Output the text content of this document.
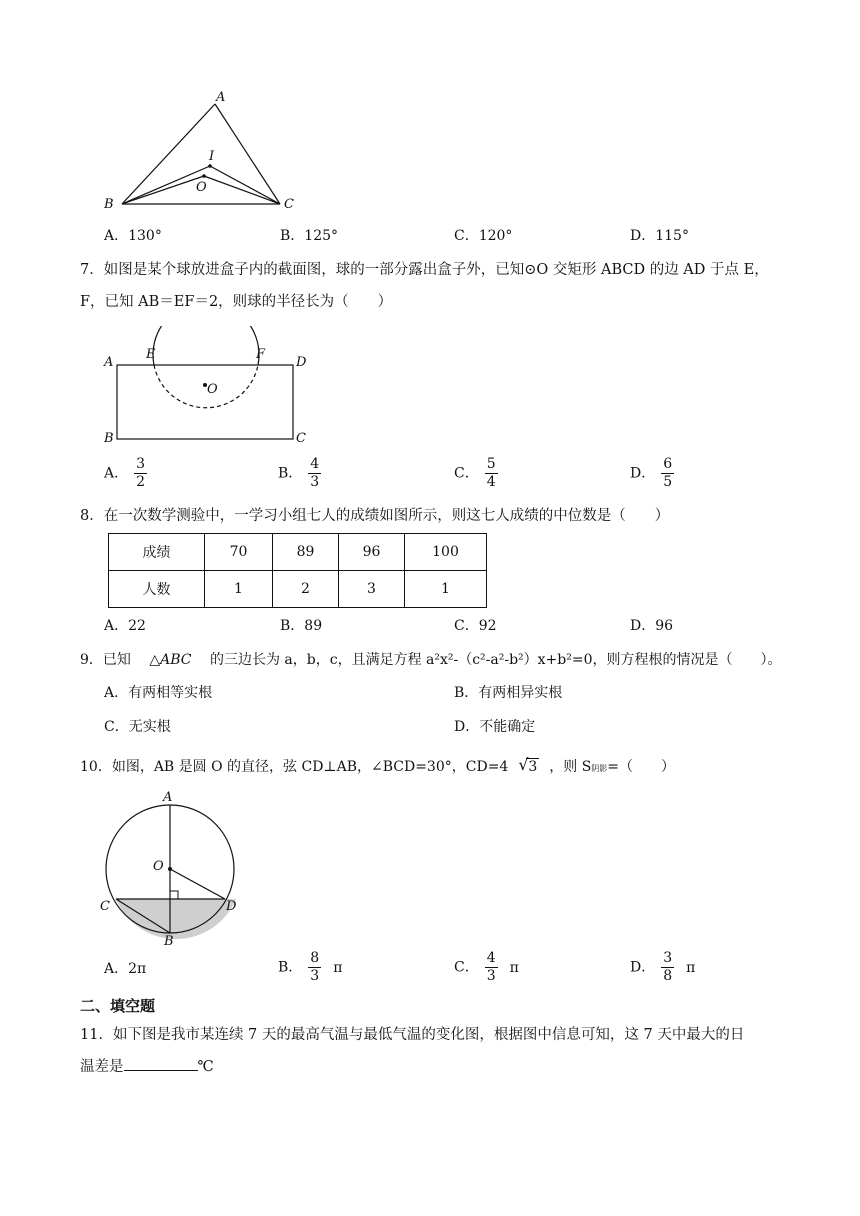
A
I
O
B	C
A．130°	B．125°	C．120°	D．115°
7．如图是某个球放进盒子内的截面图，球的一部分露出盒子外，已知⊙O 交矩形 ABCD 的边 AD 于点 E，
F，已知 AB＝EF＝2，则球的半径长为（　　）
A
E	F
D
O
B	C
A． $\frac{3}{2}$	B． $\frac{4}{3}$	C． $\frac{5}{4}$	D． $\frac{6}{5}$
8．在一次数学测验中，一学习小组七人的成绩如图所示，则这七人成绩的中位数是（　　）
成绩	70	89	96	100
人数	1	2	3	1
A．22	B．89	C．92	D．96
9．已知 △ABC 的三边长为 a，b，c，且满足方程 a²x²-（c²-a²-b²）x+b²=0，则方程根的情况是（　　）。
A．有两相等实根	B．有两相异实根
C．无实根	D．不能确定
10．如图，AB 是圆 O 的直径，弦 CD⊥AB，∠BCD=30°，CD=4 √ 3 ，则 S阴影=（　　）
A
O
C	D
B
A．2π	B． $\frac{8}{3}$ π	C． $\frac{4}{3}$ π	D． $\frac{3}{8}$ π
二、填空题
11．如下图是我市某连续 7 天的最高气温与最低气温的变化图，根据图中信息可知，这 7 天中最大的日
温差是	℃
